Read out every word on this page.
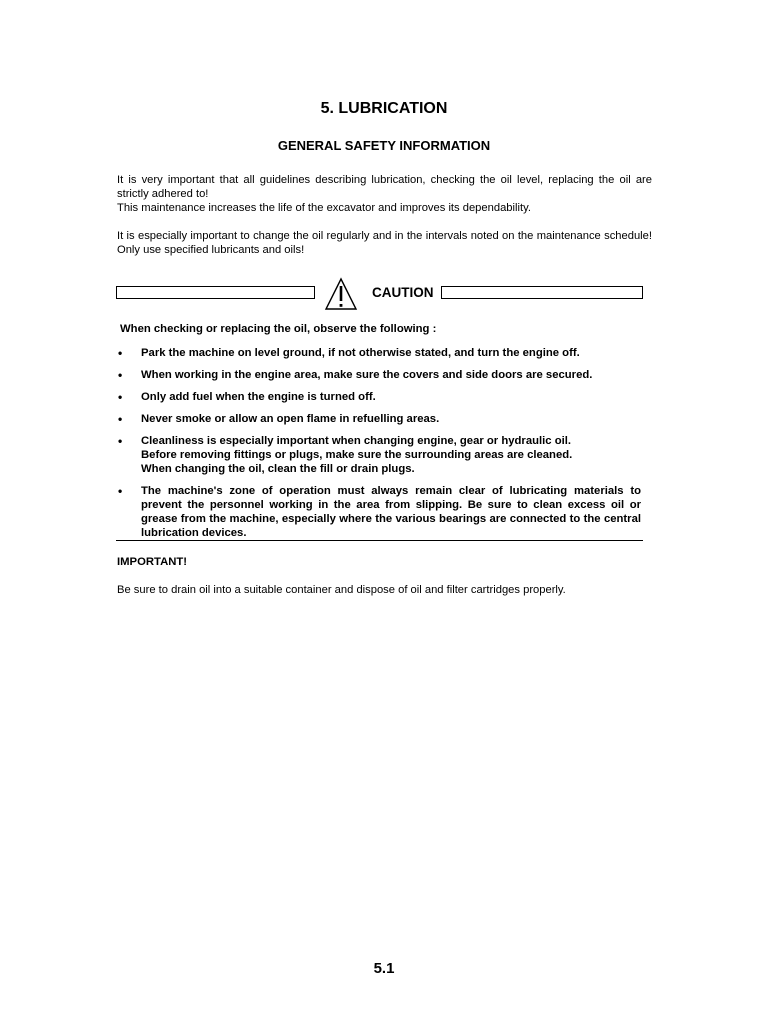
5. LUBRICATION
GENERAL SAFETY INFORMATION
It is very important that all guidelines describing lubrication, checking the oil level, replacing the oil are strictly adhered to!
This maintenance increases the life of the excavator and improves its dependability.
It is especially important to change the oil regularly and in the intervals noted on the maintenance schedule! Only use specified lubricants and oils!
CAUTION
When checking or replacing the oil, observe the following :
• Park the machine on level ground, if not otherwise stated, and turn the engine off.
• When working in the engine area, make sure the covers and side doors are secured.
• Only add fuel when the engine is turned off.
• Never smoke or allow an open flame in refuelling areas.
• Cleanliness is especially important when changing engine, gear or hydraulic oil.
Before removing fittings or plugs, make sure the surrounding areas are cleaned.
When changing the oil, clean the fill or drain plugs.
• The machine's zone of operation must always remain clear of lubricating materials to prevent the personnel working in the area from slipping. Be sure to clean excess oil or grease from the machine, especially where the various bearings are connected to the central lubrication devices.
IMPORTANT!
Be sure to drain oil into a suitable container and dispose of oil and filter cartridges properly.
5.1
